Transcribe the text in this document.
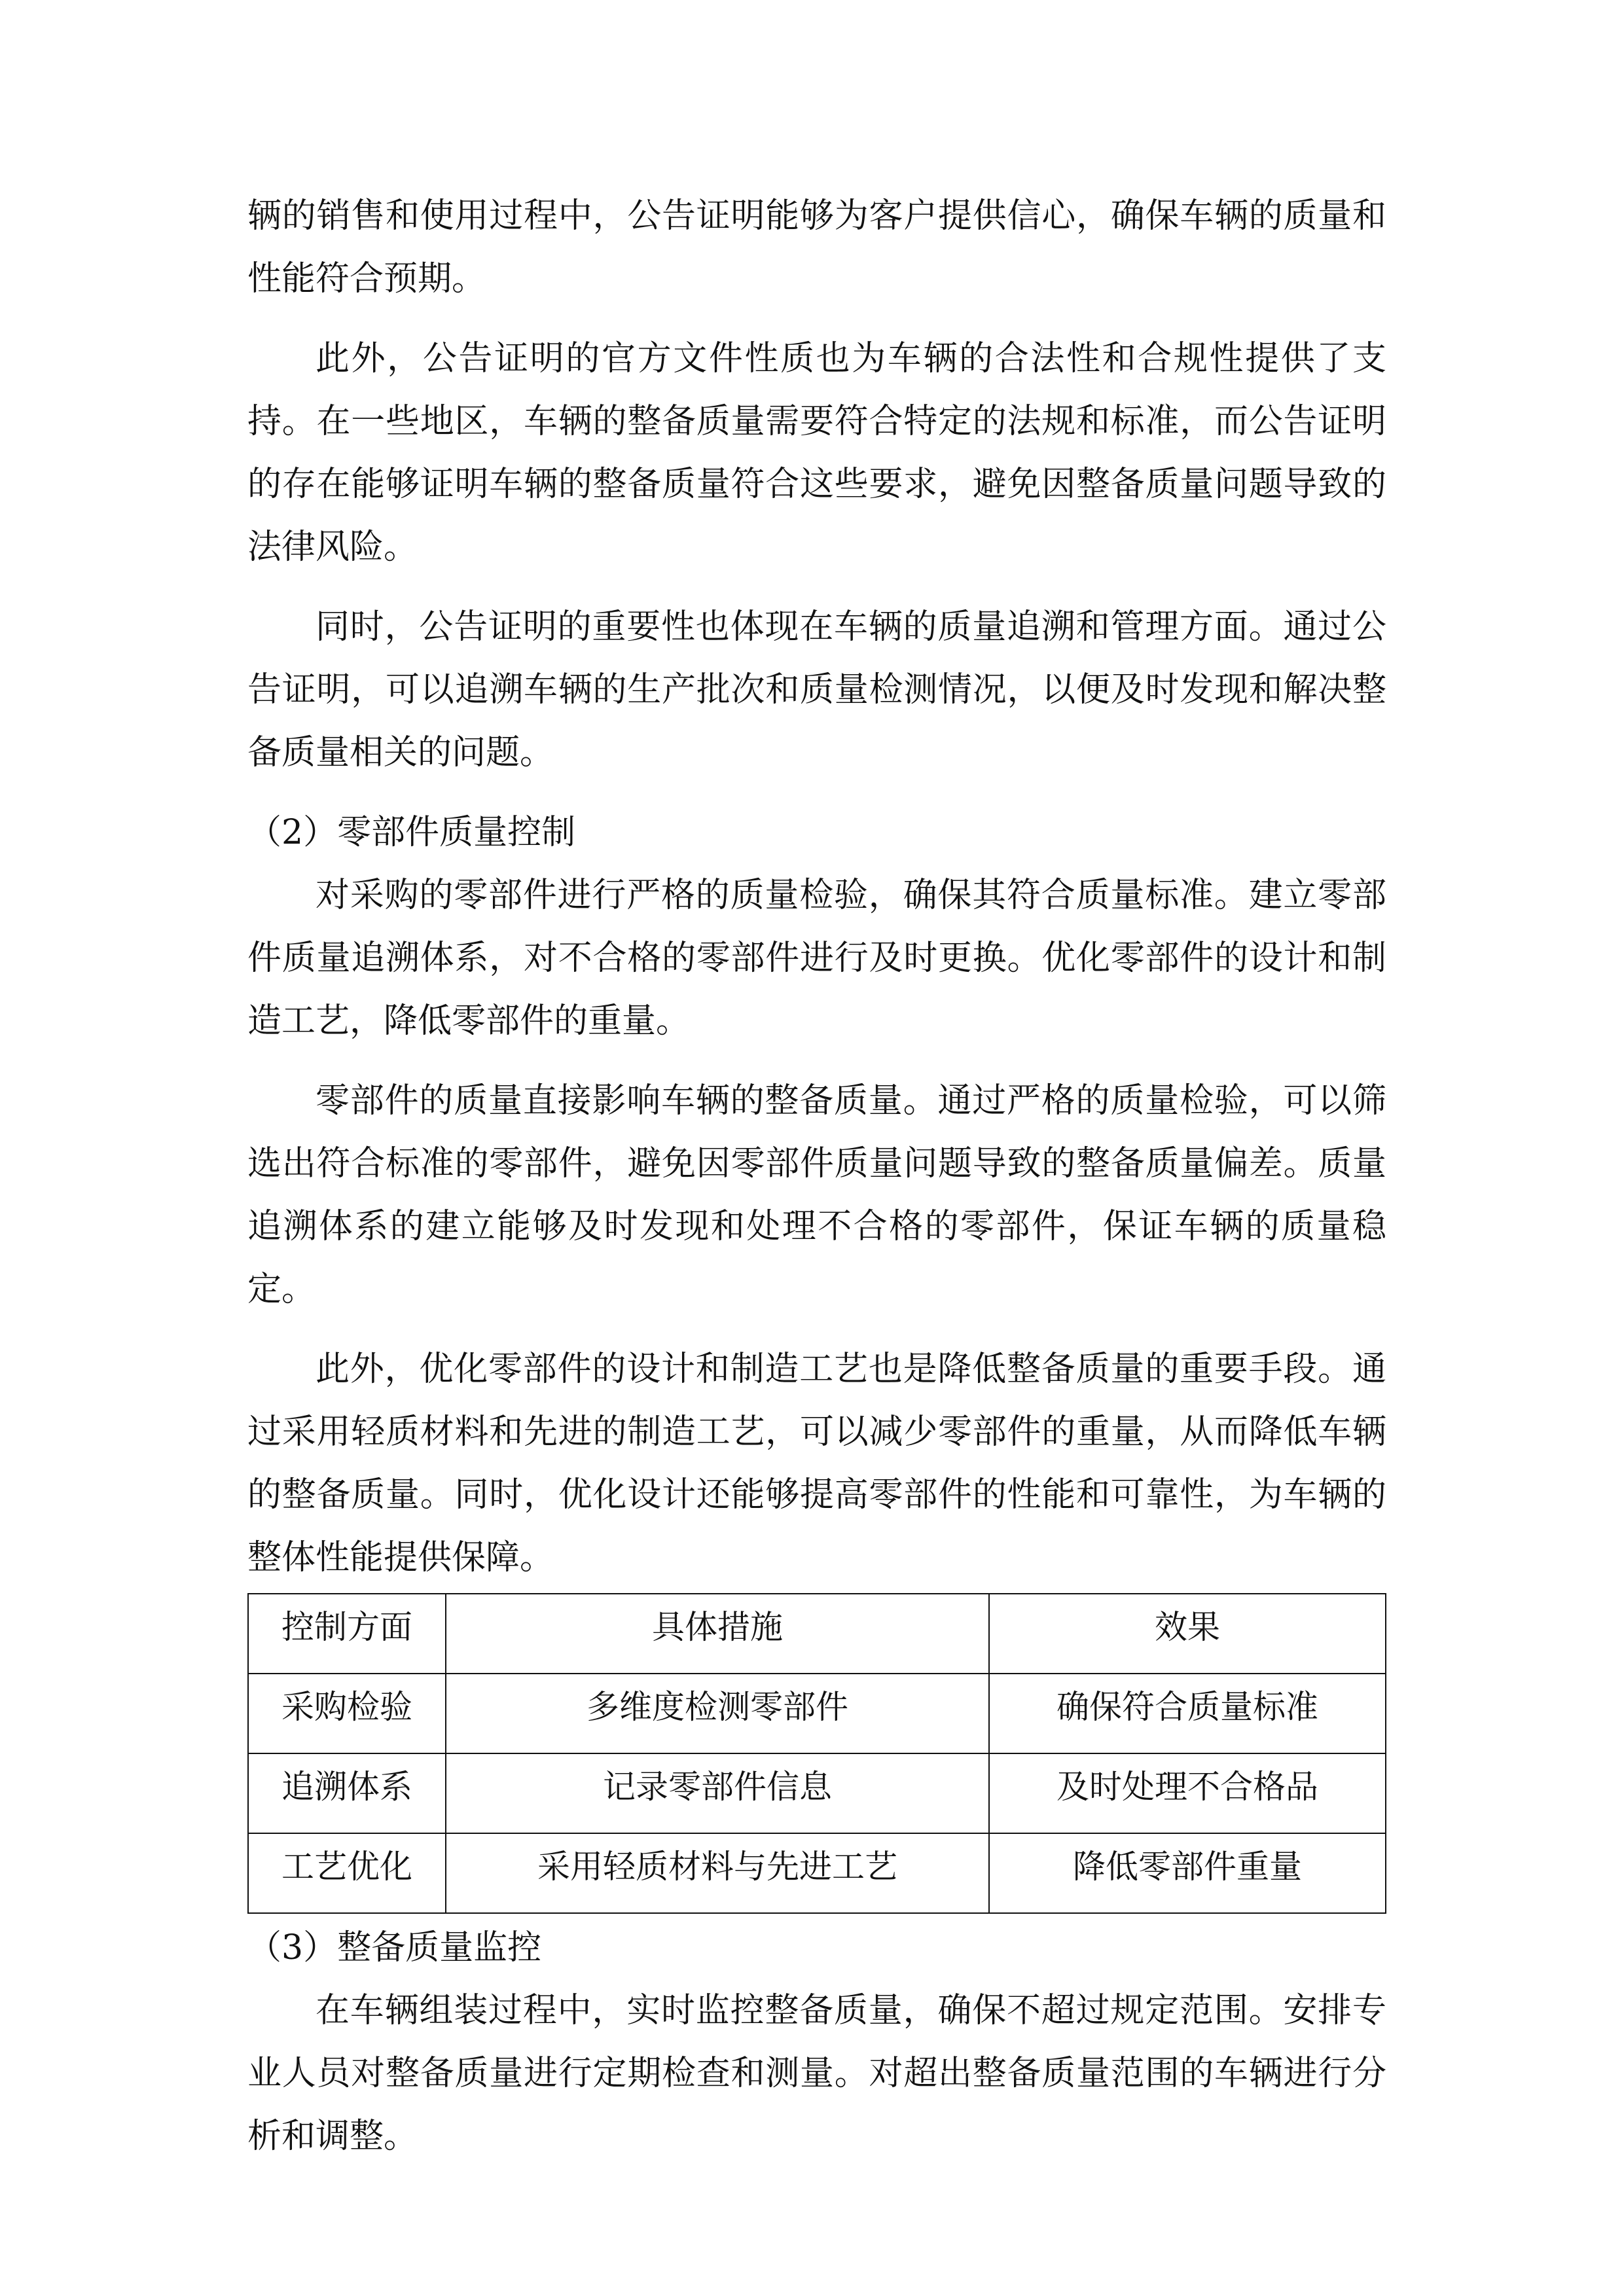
辆的销售和使用过程中，公告证明能够为客户提供信心，确保车辆的质量和性能符合预期。

此外，公告证明的官方文件性质也为车辆的合法性和合规性提供了支持。在一些地区，车辆的整备质量需要符合特定的法规和标准，而公告证明的存在能够证明车辆的整备质量符合这些要求，避免因整备质量问题导致的法律风险。

同时，公告证明的重要性也体现在车辆的质量追溯和管理方面。通过公告证明，可以追溯车辆的生产批次和质量检测情况，以便及时发现和解决整备质量相关的问题。

（2）零部件质量控制

对采购的零部件进行严格的质量检验，确保其符合质量标准。建立零部件质量追溯体系，对不合格的零部件进行及时更换。优化零部件的设计和制造工艺，降低零部件的重量。

零部件的质量直接影响车辆的整备质量。通过严格的质量检验，可以筛选出符合标准的零部件，避免因零部件质量问题导致的整备质量偏差。质量追溯体系的建立能够及时发现和处理不合格的零部件，保证车辆的质量稳定。

此外，优化零部件的设计和制造工艺也是降低整备质量的重要手段。通过采用轻质材料和先进的制造工艺，可以减少零部件的重量，从而降低车辆的整备质量。同时，优化设计还能够提高零部件的性能和可靠性，为车辆的整体性能提供保障。

控制方面	具体措施	效果
采购检验	多维度检测零部件	确保符合质量标准
追溯体系	记录零部件信息	及时处理不合格品
工艺优化	采用轻质材料与先进工艺	降低零部件重量

（3）整备质量监控

在车辆组装过程中，实时监控整备质量，确保不超过规定范围。安排专业人员对整备质量进行定期检查和测量。对超出整备质量范围的车辆进行分析和调整。
